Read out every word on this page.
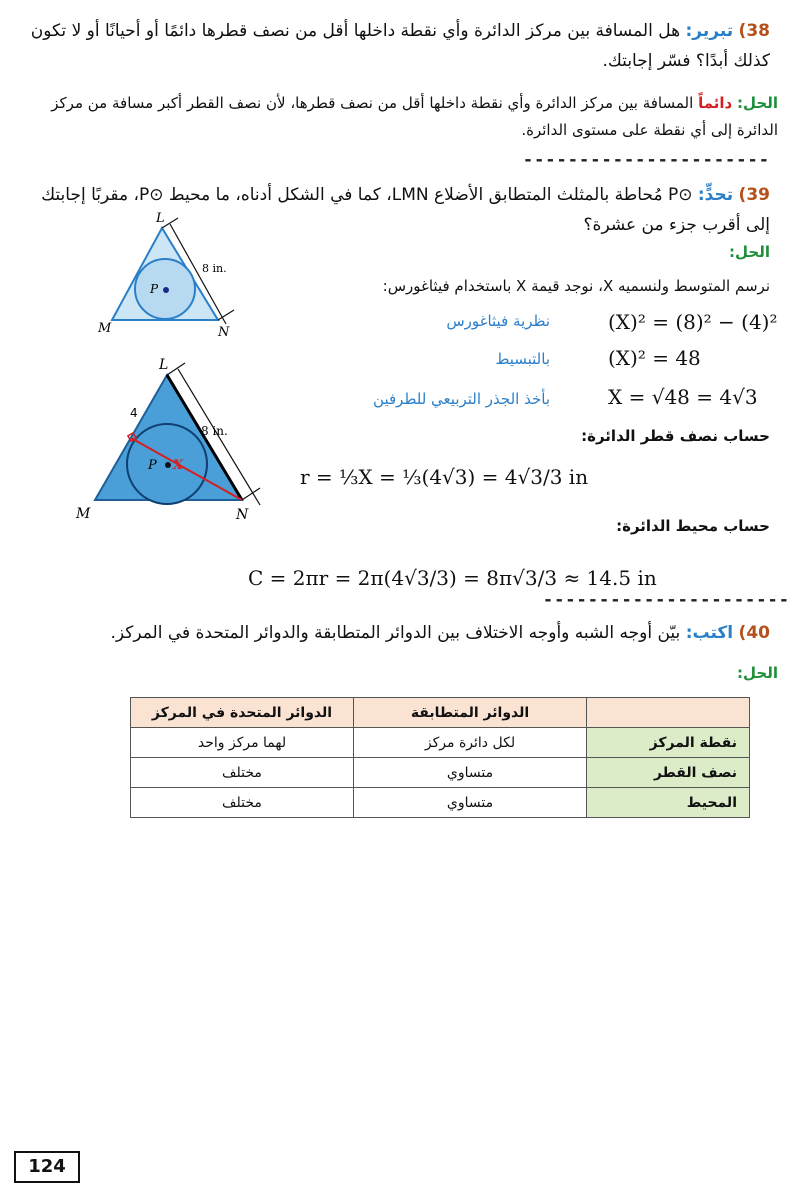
38) تبرير: هل المسافة بين مركز الدائرة وأي نقطة داخلها أقل من نصف قطرها دائمًا أو أحيانًا أو لا تكون كذلك أبدًا؟ فسّر إجابتك.
الحل: دائماً المسافة بين مركز الدائرة وأي نقطة داخلها أقل من نصف قطرها، لأن نصف القطر أكبر مسافة من مركز الدائرة إلى أي نقطة على مستوى الدائرة.
----------------------
39) تحدٍّ: ⊙P مُحاطة بالمثلث المتطابق الأضلاع LMN، كما في الشكل أدناه، ما محيط ⊙P، مقربًا إجابتك إلى أقرب جزء من عشرة؟
الحل:
نرسم المتوسط ولنسميه X، نوجد قيمة X باستخدام فيثاغورس:
نظرية فيثاغورس	(X)² = (8)² − (4)²
بالتبسيط	(X)² = 48
بأخذ الجذر التربيعي للطرفين	X = √48 = 4√3
حساب نصف قطر الدائرة:
r = ⅓X = ⅓(4√3) = 4√3/3 in
حساب محيط الدائرة:
C = 2πr = 2π(4√3/3) = 8π√3/3 ≈ 14.5 in
----------------------
L
M	N
P
8 in.
L
M	N
P X
8 in.
4
40) اكتب: بيّن أوجه الشبه وأوجه الاختلاف بين الدوائر المتطابقة والدوائر المتحدة في المركز.
الحل:
	الدوائر المتطابقة	الدوائر المتحدة في المركز
نقطة المركز	لكل دائرة مركز	لهما مركز واحد
نصف القطر	متساوي	مختلف
المحيط	متساوي	مختلف
124
